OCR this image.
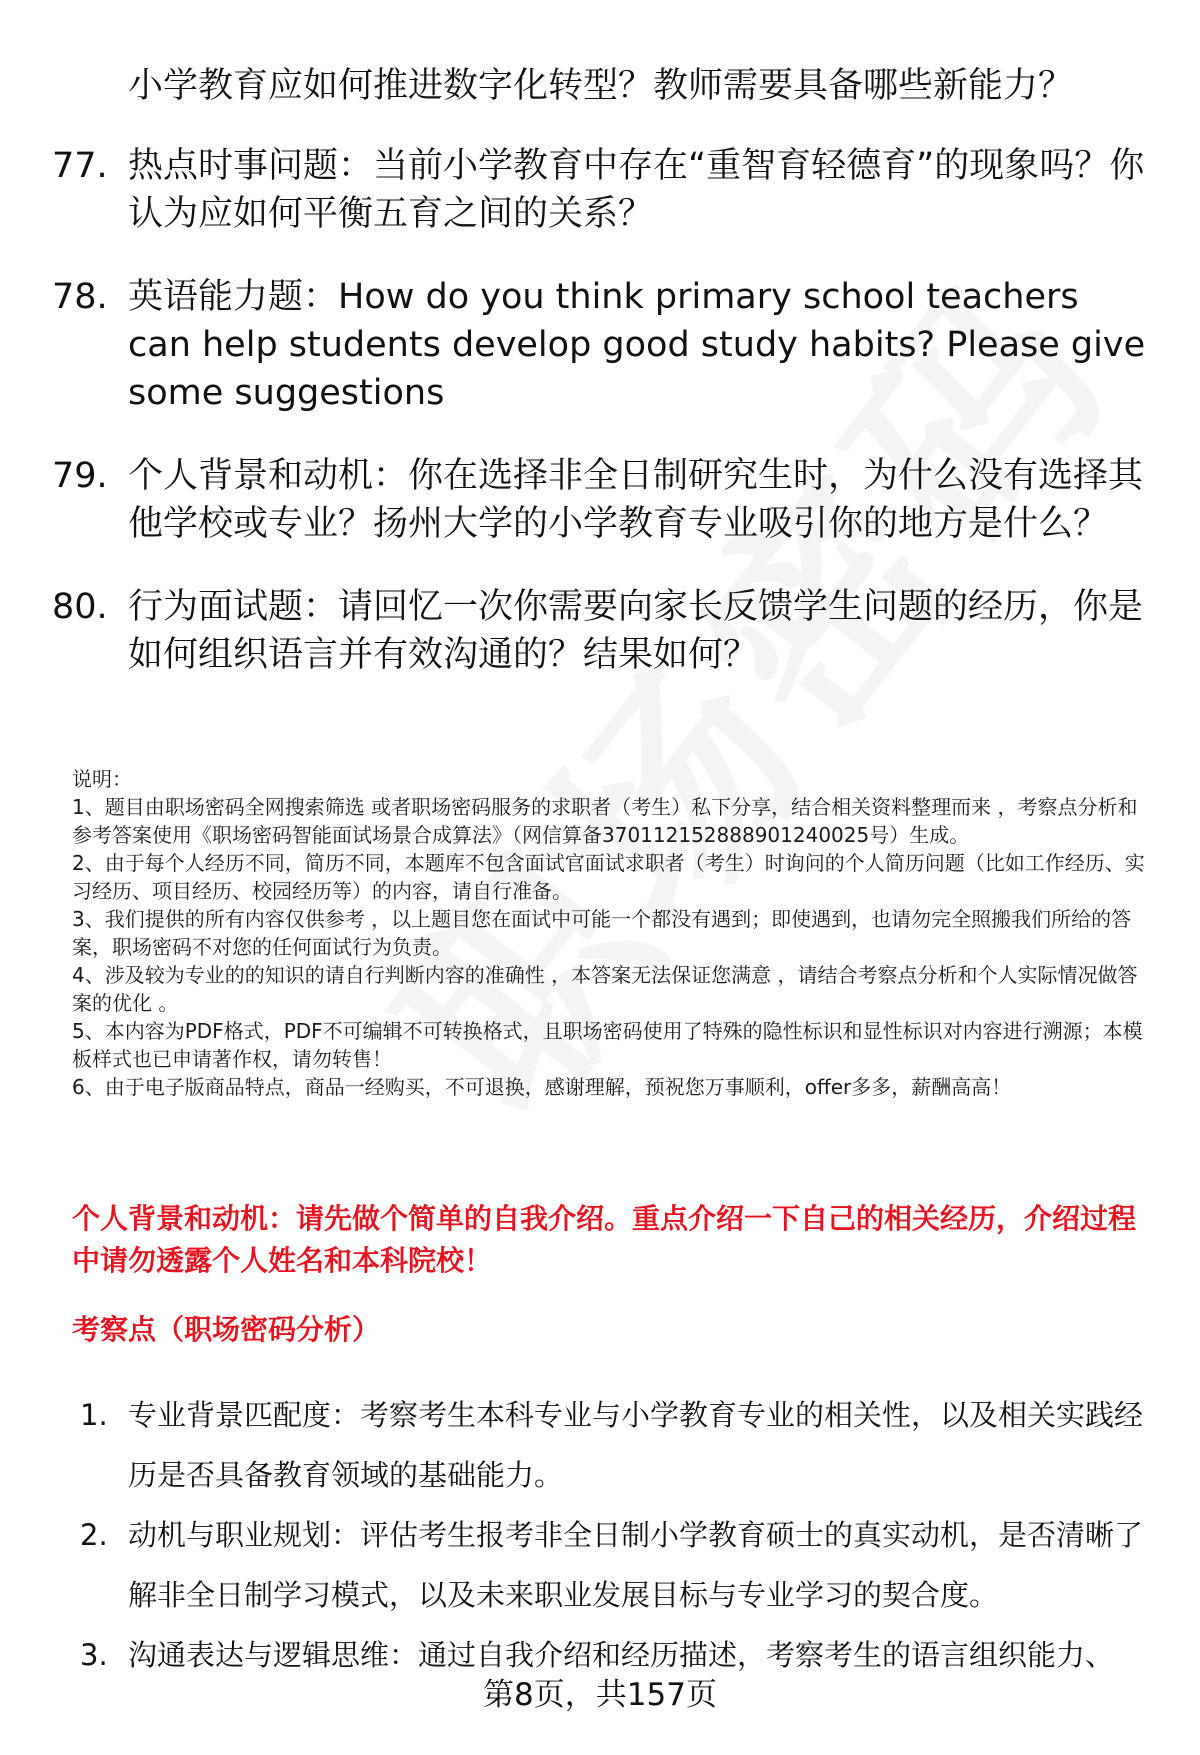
小学教育应如何推进数字化转型？教师需要具备哪些新能力？
77. 热点时事问题：当前小学教育中存在“重智育轻德育”的现象吗？你认为应如何平衡五育之间的关系？
78. 英语能力题：How do you think primary school teachers can help students develop good study habits? Please give some suggestions
79. 个人背景和动机：你在选择非全日制研究生时，为什么没有选择其他学校或专业？扬州大学的小学教育专业吸引你的地方是什么？
80. 行为面试题：请回忆一次你需要向家长反馈学生问题的经历，你是如何组织语言并有效沟通的？结果如何？

说明：

1、题目由职场密码全网搜索筛选 或者职场密码服务的求职者（考生）私下分享，结合相关资料整理而来 ，考察点分析和参考答案使用《职场密码智能面试场景合成算法》（网信算备370112152888901240025号）生成。

2、由于每个人经历不同，简历不同，本题库不包含面试官面试求职者（考生）时询问的个人简历问题（比如工作经历、实习经历、项目经历、校园经历等）的内容，请自行准备。

3、我们提供的所有内容仅供参考 ，以上题目您在面试中可能一个都没有遇到；即使遇到，也请勿完全照搬我们所给的答案，职场密码不对您的任何面试行为负责。

4、涉及较为专业的的知识的请自行判断内容的准确性 ，本答案无法保证您满意 ，请结合考察点分析和个人实际情况做答案的优化 。

5、本内容为PDF格式，PDF不可编辑不可转换格式，且职场密码使用了特殊的隐性标识和显性标识对内容进行溯源；本模板样式也已申请著作权，请勿转售！

6、由于电子版商品特点，商品一经购买，不可退换，感谢理解，预祝您万事顺利，offer多多，薪酬高高！

个人背景和动机：请先做个简单的自我介绍。重点介绍一下自己的相关经历，介绍过程中请勿透露个人姓名和本科院校！
考察点（职场密码分析）
1. 专业背景匹配度：考察考生本科专业与小学教育专业的相关性，以及相关实践经历是否具备教育领域的基础能力。
2. 动机与职业规划：评估考生报考非全日制小学教育硕士的真实动机，是否清晰了解非全日制学习模式，以及未来职业发展目标与专业学习的契合度。
3. 沟通表达与逻辑思维：通过自我介绍和经历描述，考察考生的语言组织能力、
第8页，共157页
